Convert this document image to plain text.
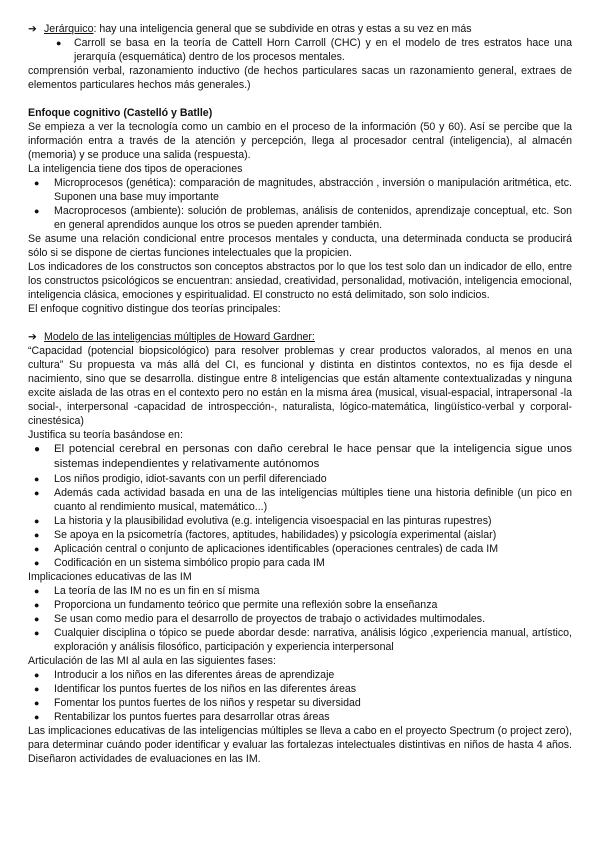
➔ Jerárquico: hay una inteligencia general que se subdivide en otras y estas a su vez en más

● Carroll se basa en la teoría de Cattell Horn Carroll (CHC) y en el modelo de tres estratos hace una jerarquía (esquemática) dentro de los procesos mentales.

comprensión verbal, razonamiento inductivo (de hechos particulares sacas un razonamiento general, extraes de elementos particulares hechos más generales.)

Enfoque cognitivo (Castelló y Batlle)

Se empieza a ver la tecnología como un cambio en el proceso de la información (50 y 60). Así se percibe que la información entra a través de la atención y percepción, llega al procesador central (inteligencia), al almacén (memoria) y se produce una salida (respuesta).

La inteligencia tiene dos tipos de operaciones

● Microprocesos (genética): comparación de magnitudes, abstracción , inversión o manipulación aritmética, etc. Suponen una base muy importante
● Macroprocesos (ambiente): solución de problemas, análisis de contenidos, aprendizaje conceptual, etc. Son en general aprendidos aunque los otros se pueden aprender también.

Se asume una relación condicional entre procesos mentales y conducta, una determinada conducta se producirá sólo si se dispone de ciertas funciones intelectuales que la propicien.

Los indicadores de los constructos son conceptos abstractos por lo que los test solo dan un indicador de ello, entre los constructos psicológicos se encuentran: ansiedad, creatividad, personalidad, motivación, inteligencia emocional, inteligencia clásica, emociones y espiritualidad. El constructo no está delimitado, son solo indicios.

El enfoque cognitivo distingue dos teorías principales:

➔ Modelo de las inteligencias múltiples de Howard Gardner:

“Capacidad (potencial biopsicológico) para resolver problemas y crear productos valorados, al menos en una cultura” Su propuesta va más allá del CI, es funcional y distinta en distintos contextos, no es fija desde el nacimiento, sino que se desarrolla. distingue entre 8 inteligencias que están altamente contextualizadas y ninguna excite aislada de las otras en el contexto pero no están en la misma área (musical, visual-espacial, intrapersonal -la social-, interpersonal -capacidad de introspección-, naturalista, lógico-matemática, lingüístico-verbal y corporal-cinestésica)

Justifica su teoría basándose en:

● El potencial cerebral en personas con daño cerebral le hace pensar que la inteligencia sigue unos sistemas independientes y relativamente autónomos
● Los niños prodigio, idiot-savants con un perfil diferenciado
● Además cada actividad basada en una de las inteligencias múltiples tiene una historia definible (un pico en cuanto al rendimiento musical, matemático...)
● La historia y la plausibilidad evolutiva (e.g. inteligencia visoespacial en las pinturas rupestres)
● Se apoya en la psicometría (factores, aptitudes, habilidades) y psicología experimental (aislar)
● Aplicación central o conjunto de aplicaciones identificables (operaciones centrales) de cada IM
● Codificación en un sistema simbólico propio para cada IM

Implicaciones educativas de las IM

● La teoría de las IM no es un fin en sí misma
● Proporciona un fundamento teórico que permite una reflexión sobre la enseñanza
● Se usan como medio para el desarrollo de proyectos de trabajo o actividades multimodales.
● Cualquier disciplina o tópico se puede abordar desde: narrativa, análisis lógico ,experiencia manual, artístico, exploración y análisis filosófico, participación y experiencia interpersonal

Articulación de las MI al aula en las siguientes fases:

● Introducir a los niños en las diferentes áreas de aprendizaje
● Identificar los puntos fuertes de los niños en las diferentes áreas
● Fomentar los puntos fuertes de los niños y respetar su diversidad
● Rentabilizar los puntos fuertes para desarrollar otras áreas

Las implicaciones educativas de las inteligencias múltiples se lleva a cabo en el proyecto Spectrum (o project zero), para determinar cuándo poder identificar y evaluar las fortalezas intelectuales distintivas en niños de hasta 4 años. Diseñaron actividades de evaluaciones en las IM.
